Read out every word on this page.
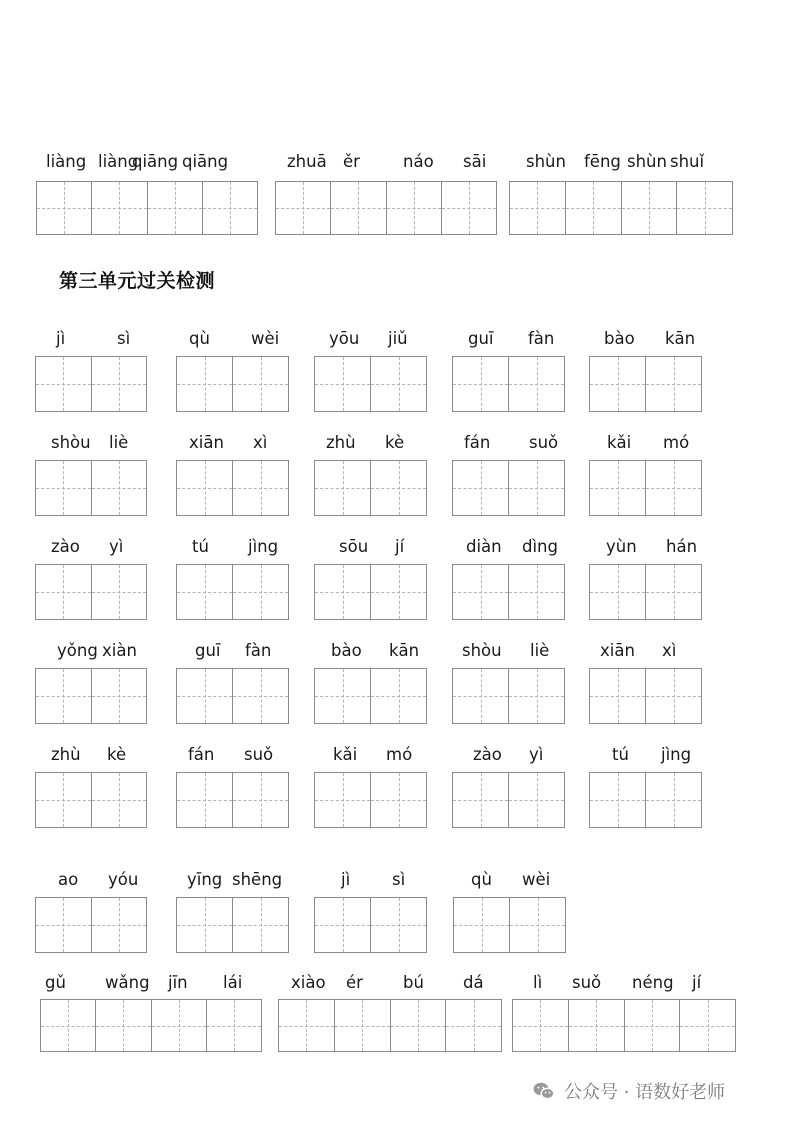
第三单元过关检测
liàng liàng
qiāng qiāng	zhuā ěr	náo sāi shùn fēng shùn shuǐ
jì	sì	qù wèi	yōu jiǔ	guī fàn	bào kān
shòu liè	xiān xì	zhù kè	fán suǒ	kǎi mó
zào yì	tú jìng	sōu jí	diàn dìng	yùn hán
yǒng xiàn	guī fàn	bào kān	shòu liè	xiān xì
zhù kè	fán suǒ	kǎi mó	zào yì	tú jìng
ao yóu	yīng shēng	jì	sì	qù wèi
gǔ wǎng jīn lái	xiào ér bú dá	lì suǒ néng jí
公众号 · 语数好老师
